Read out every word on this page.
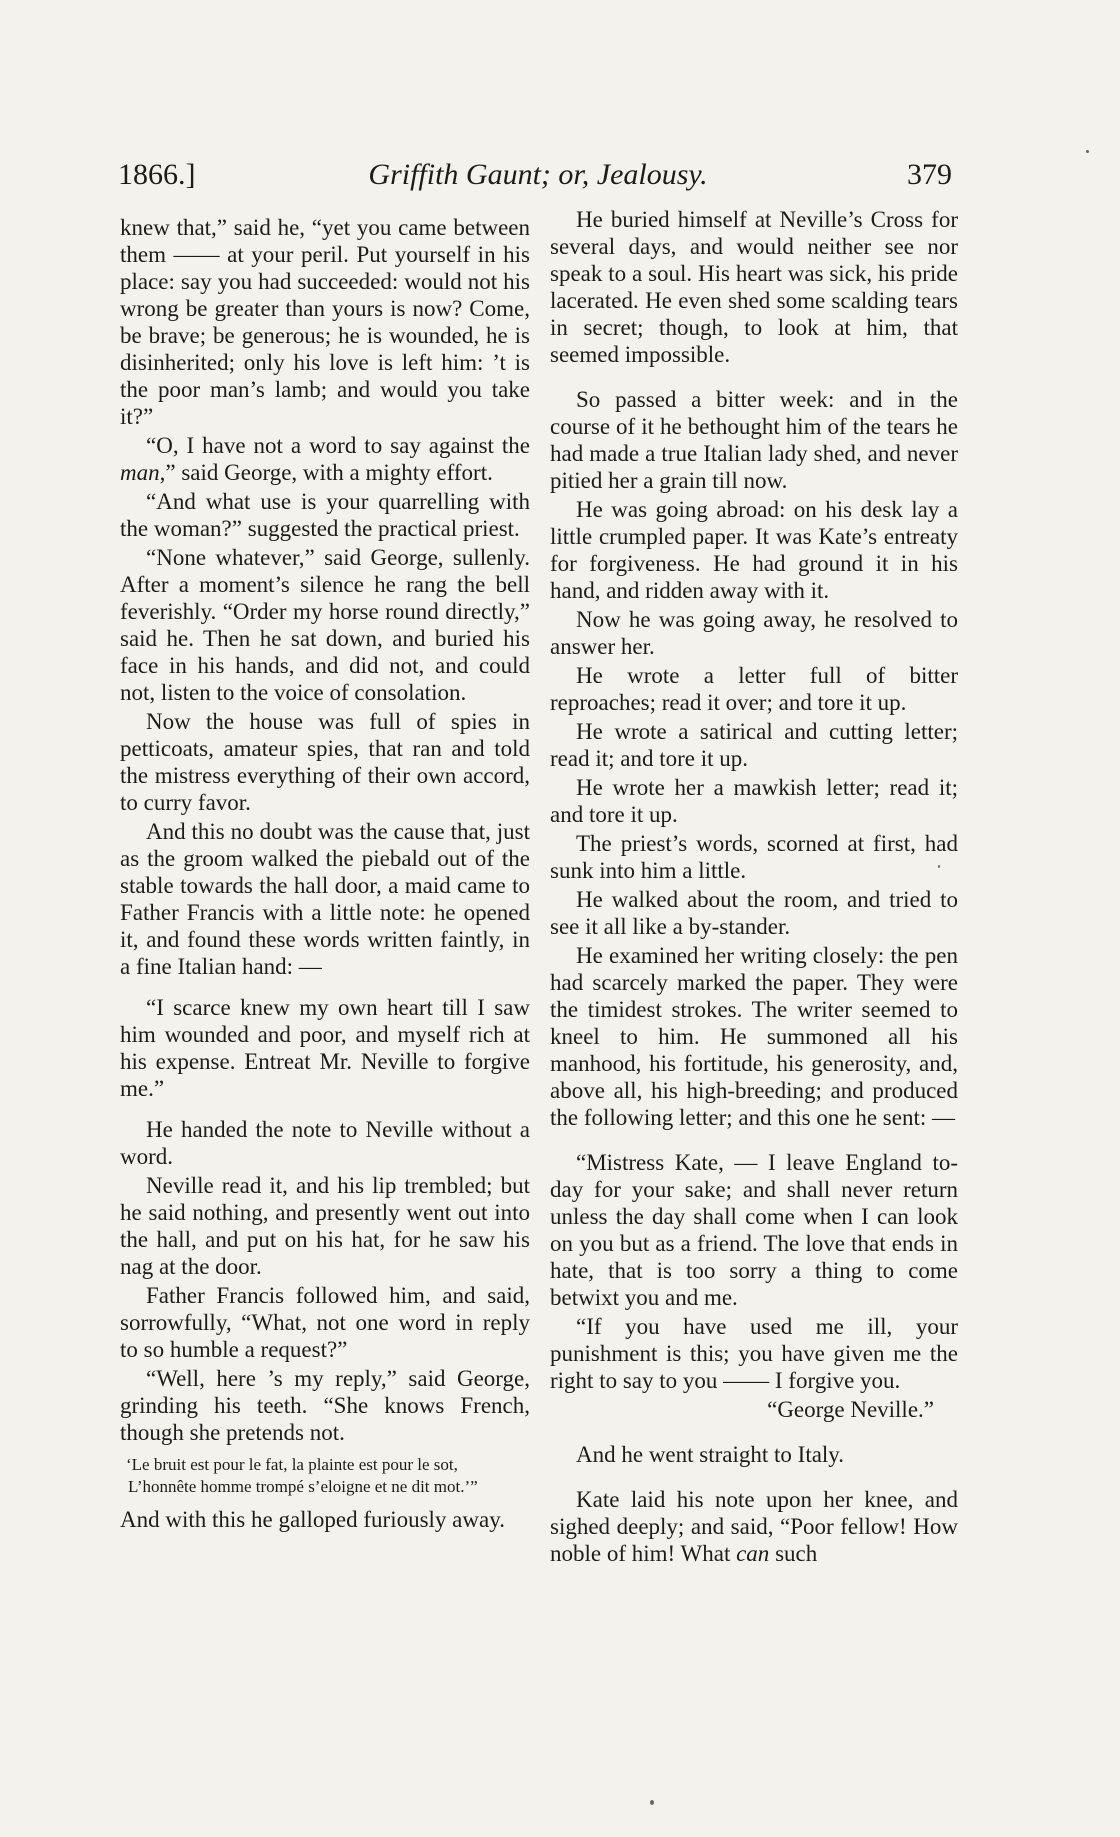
1866.]	Griffith Gaunt; or, Jealousy.	379

knew that,” said he, “yet you came between them —— at your peril. Put yourself in his place: say you had succeeded: would not his wrong be greater than yours is now? Come, be brave; be generous; he is wounded, he is disinherited; only his love is left him: ’t is the poor man’s lamb; and would you take it?”

“O, I have not a word to say against the man,” said George, with a mighty effort.

“And what use is your quarrelling with the woman?” suggested the practical priest.

“None whatever,” said George, sullenly. After a moment’s silence he rang the bell feverishly. “Order my horse round directly,” said he. Then he sat down, and buried his face in his hands, and did not, and could not, listen to the voice of consolation.

Now the house was full of spies in petticoats, amateur spies, that ran and told the mistress everything of their own accord, to curry favor.

And this no doubt was the cause that, just as the groom walked the piebald out of the stable towards the hall door, a maid came to Father Francis with a little note: he opened it, and found these words written faintly, in a fine Italian hand: —

“I scarce knew my own heart till I saw him wounded and poor, and myself rich at his expense. Entreat Mr. Neville to forgive me.”

He handed the note to Neville without a word.

Neville read it, and his lip trembled; but he said nothing, and presently went out into the hall, and put on his hat, for he saw his nag at the door.

Father Francis followed him, and said, sorrowfully, “What, not one word in reply to so humble a request?”

“Well, here ’s my reply,” said George, grinding his teeth. “She knows French, though she pretends not.

‘Le bruit est pour le fat, la plainte est pour le sot,
L’honnête homme trompé s’eloigne et ne dit mot.’”

And with this he galloped furiously away.

He buried himself at Neville’s Cross for several days, and would neither see nor speak to a soul. His heart was sick, his pride lacerated. He even shed some scalding tears in secret; though, to look at him, that seemed impossible.

So passed a bitter week: and in the course of it he bethought him of the tears he had made a true Italian lady shed, and never pitied her a grain till now.

He was going abroad: on his desk lay a little crumpled paper. It was Kate’s entreaty for forgiveness. He had ground it in his hand, and ridden away with it.

Now he was going away, he resolved to answer her.

He wrote a letter full of bitter reproaches; read it over; and tore it up.

He wrote a satirical and cutting letter; read it; and tore it up.

He wrote her a mawkish letter; read it; and tore it up.

The priest’s words, scorned at first, had sunk into him a little.

He walked about the room, and tried to see it all like a by-stander.

He examined her writing closely: the pen had scarcely marked the paper. They were the timidest strokes. The writer seemed to kneel to him. He summoned all his manhood, his fortitude, his generosity, and, above all, his high-breeding; and produced the following letter; and this one he sent: —

“Mistress Kate, — I leave England to-day for your sake; and shall never return unless the day shall come when I can look on you but as a friend. The love that ends in hate, that is too sorry a thing to come betwixt you and me.

“If you have used me ill, your punishment is this; you have given me the right to say to you —— I forgive you.

“George Neville.”

And he went straight to Italy.

Kate laid his note upon her knee, and sighed deeply; and said, “Poor fellow! How noble of him! What can such
